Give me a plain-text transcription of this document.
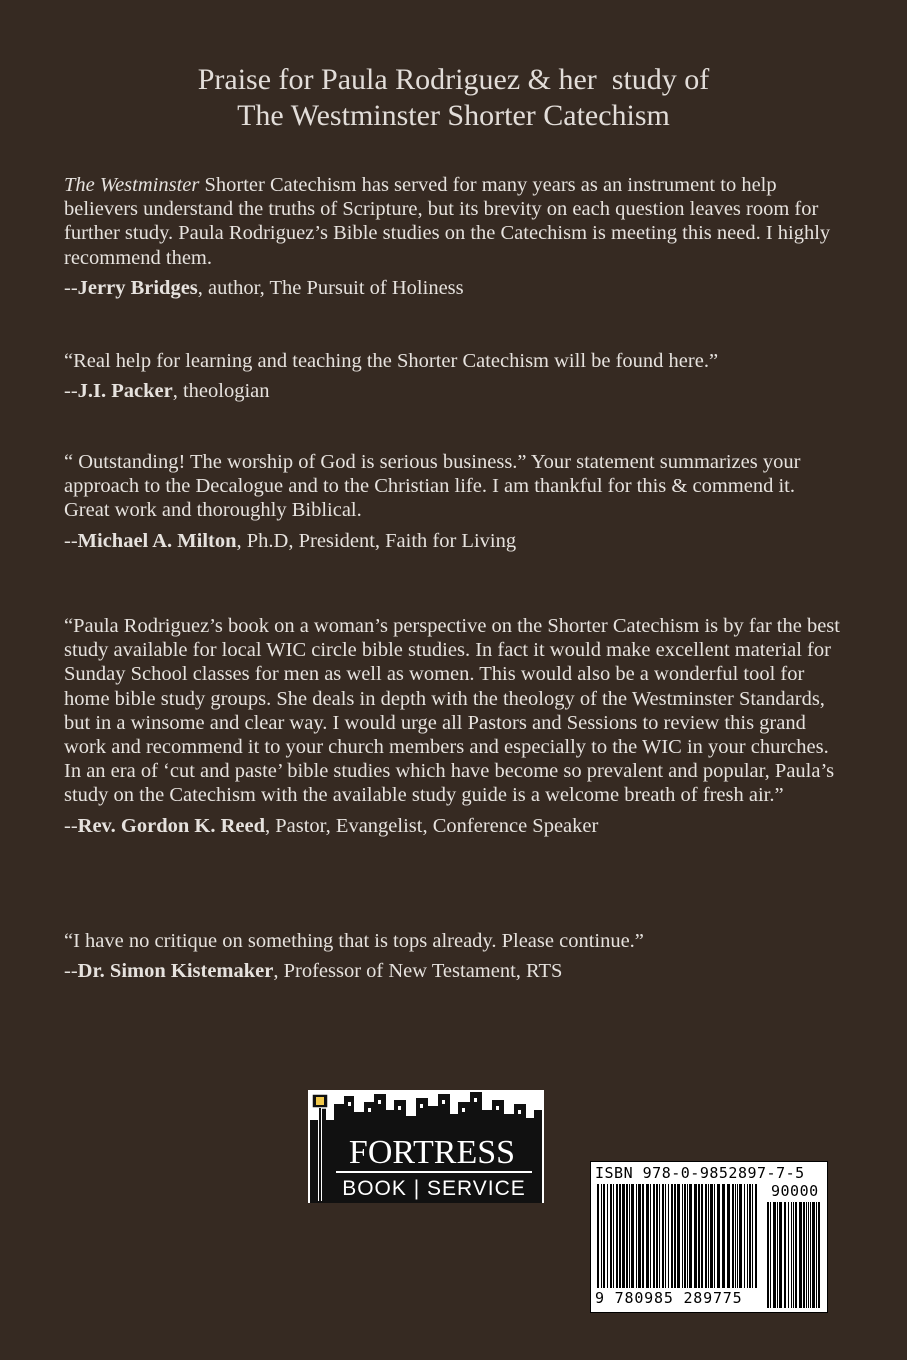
Praise for Paula Rodriguez & her  study of
The Westminster Shorter Catechism

The Westminster Shorter Catechism has served for many years as an instrument to help believers understand the truths of Scripture, but its brevity on each question leaves room for further study. Paula Rodriguez’s Bible studies on the Catechism is meeting this need. I highly recommend them.

--Jerry Bridges, author, The Pursuit of Holiness

“Real help for learning and teaching the Shorter Catechism will be found here.”

--J.I. Packer, theologian

“ Outstanding! The worship of God is serious business.” Your statement summarizes your approach to the Decalogue and to the Christian life. I am thankful for this & commend it. Great work and thoroughly Biblical.

--Michael A. Milton, Ph.D, President, Faith for Living

“Paula Rodriguez’s book on a woman’s perspective on the Shorter Catechism is by far the best study available for local WIC circle bible studies. In fact it would make excellent material for Sunday School classes for men as well as women. This would also be a wonderful tool for home bible study groups. She deals in depth with the theology of the Westminster Standards, but in a winsome and clear way. I would urge all Pastors and Sessions to review this grand work and recommend it to your church members and especially to the WIC in your churches. In an era of ‘cut and paste’ bible studies which have become so prevalent and popular, Paula’s study on the Catechism with the available study guide is a welcome breath of fresh air.”

--Rev. Gordon K. Reed, Pastor, Evangelist, Conference Speaker

“I have no critique on something that is tops already. Please continue.”

--Dr. Simon Kistemaker, Professor of New Testament, RTS
FORTRESS
BOOK | SERVICE
ISBN 978-0-9852897-7-5
90000
9 780985 289775
